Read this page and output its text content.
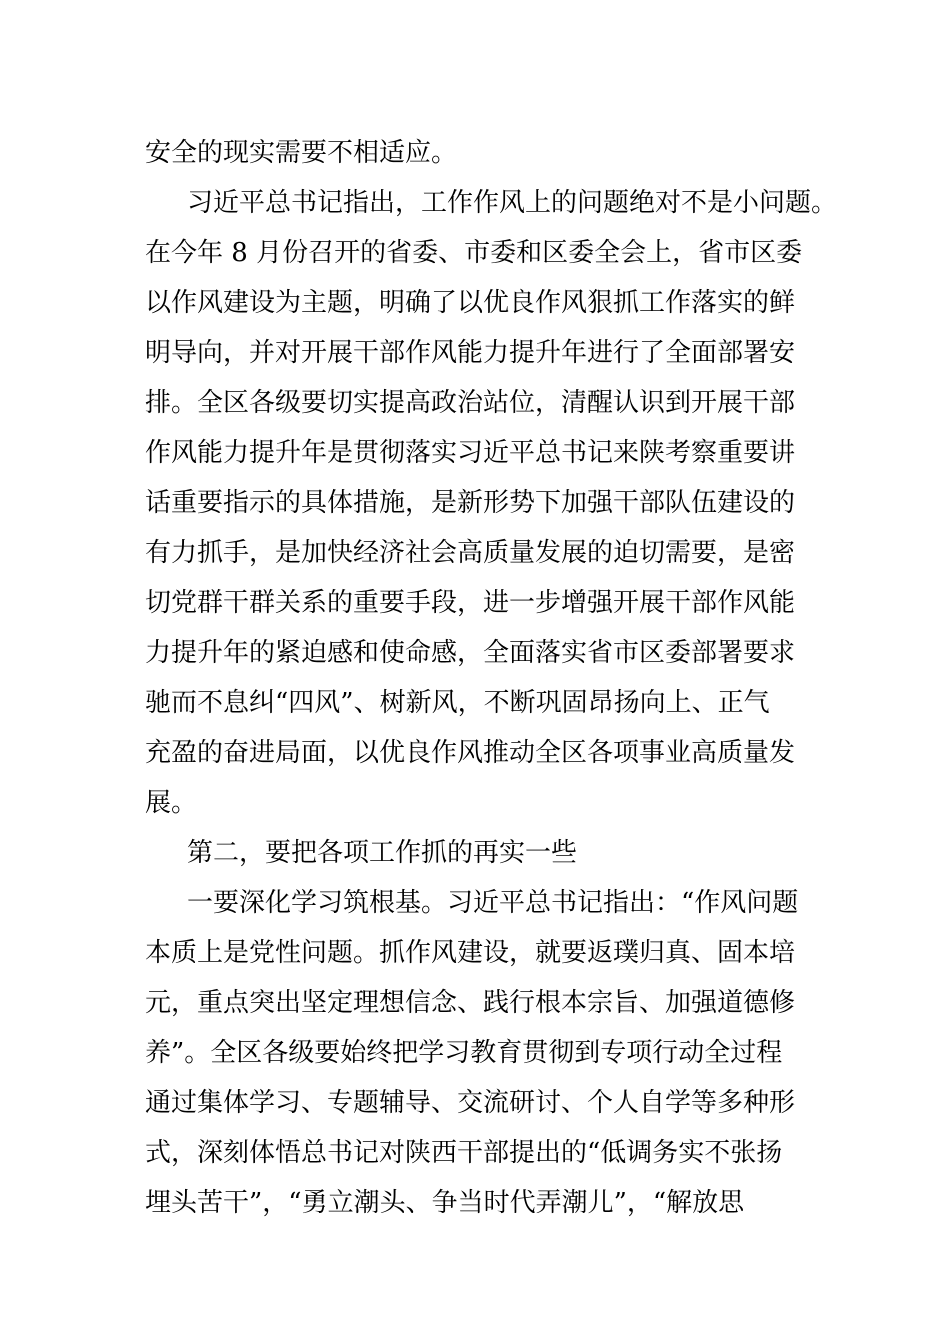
安全的现实需要不相适应。
习近平总书记指出，工作作风上的问题绝对不是小问题。
在今年 8 月份召开的省委、市委和区委全会上，省市区委
以作风建设为主题，明确了以优良作风狠抓工作落实的鲜
明导向，并对开展干部作风能力提升年进行了全面部署安
排。全区各级要切实提高政治站位，清醒认识到开展干部
作风能力提升年是贯彻落实习近平总书记来陕考察重要讲
话重要指示的具体措施，是新形势下加强干部队伍建设的
有力抓手，是加快经济社会高质量发展的迫切需要，是密
切党群干群关系的重要手段，进一步增强开展干部作风能
力提升年的紧迫感和使命感，全面落实省市区委部署要求
驰而不息纠“四风”、树新风，不断巩固昂扬向上、正气
充盈的奋进局面，以优良作风推动全区各项事业高质量发
展。
第二，要把各项工作抓的再实一些
一要深化学习筑根基。习近平总书记指出：“作风问题
本质上是党性问题。抓作风建设，就要返璞归真、固本培
元，重点突出坚定理想信念、践行根本宗旨、加强道德修
养”。全区各级要始终把学习教育贯彻到专项行动全过程
通过集体学习、专题辅导、交流研讨、个人自学等多种形
式，深刻体悟总书记对陕西干部提出的“低调务实不张扬
埋头苦干”，“勇立潮头、争当时代弄潮儿”，“解放思
